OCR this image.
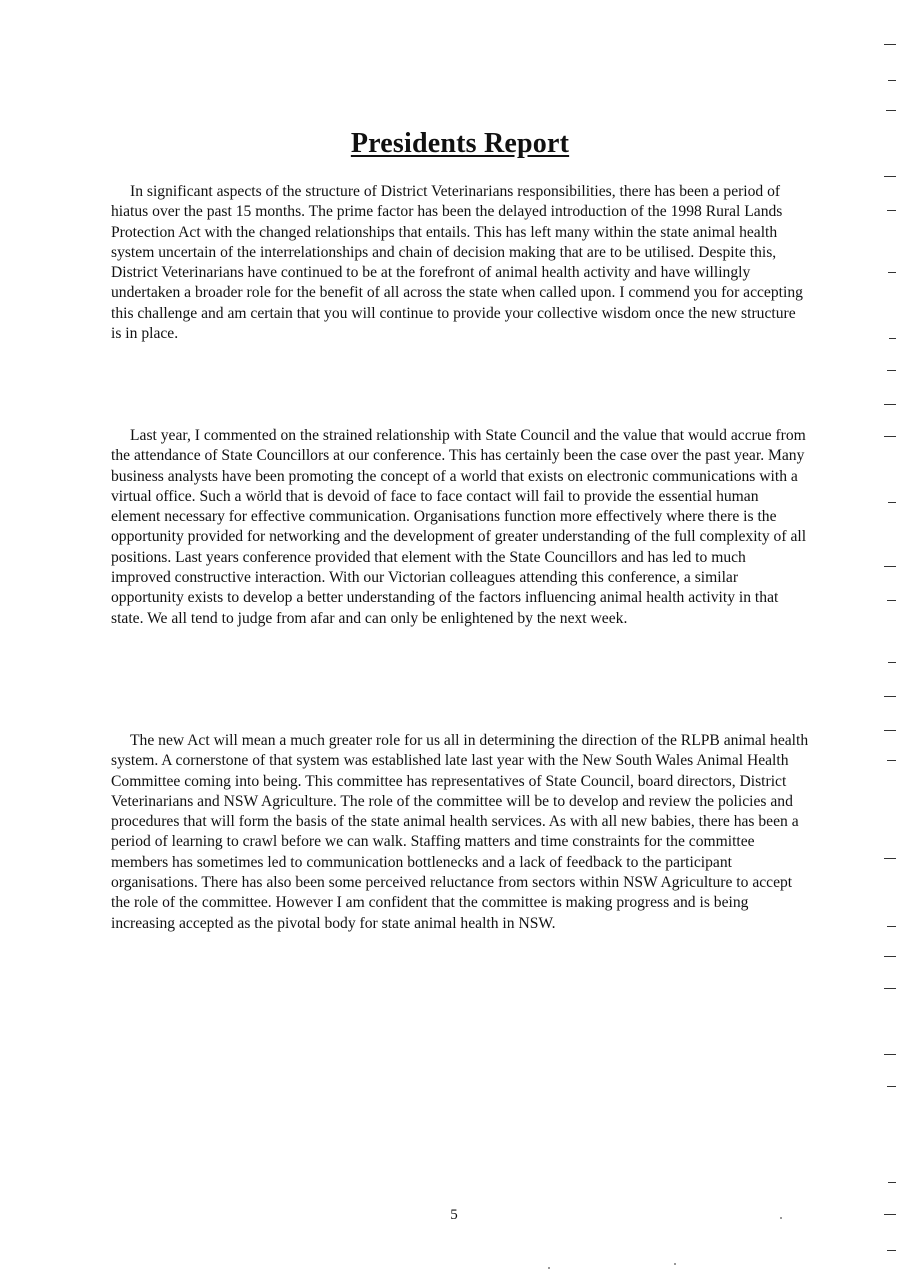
Presidents Report

In significant aspects of the structure of District Veterinarians responsibilities, there has been a period of hiatus over the past 15 months. The prime factor has been the delayed introduction of the 1998 Rural Lands Protection Act with the changed relationships that entails. This has left many within the state animal health system uncertain of the interrelationships and chain of decision making that are to be utilised. Despite this, District Veterinarians have continued to be at the forefront of animal health activity and have willingly undertaken a broader role for the benefit of all across the state when called upon. I commend you for accepting this challenge and am certain that you will continue to provide your collective wisdom once the new structure is in place.

Last year, I commented on the strained relationship with State Council and the value that would accrue from the attendance of State Councillors at our conference. This has certainly been the case over the past year. Many business analysts have been promoting the concept of a world that exists on electronic communications with a virtual office. Such a wörld that is devoid of face to face contact will fail to provide the essential human element necessary for effective communication. Organisations function more effectively where there is the opportunity provided for networking and the development of greater understanding of the full complexity of all positions. Last years conference provided that element with the State Councillors and has led to much improved constructive interaction. With our Victorian colleagues attending this conference, a similar opportunity exists to develop a better understanding of the factors influencing animal health activity in that state. We all tend to judge from afar and can only be enlightened by the next week.

The new Act will mean a much greater role for us all in determining the direction of the RLPB animal health system. A cornerstone of that system was established late last year with the New South Wales Animal Health Committee coming into being. This committee has representatives of State Council, board directors, District Veterinarians and NSW Agriculture. The role of the committee will be to develop and review the policies and procedures that will form the basis of the state animal health services. As with all new babies, there has been a period of learning to crawl before we can walk. Staffing matters and time constraints for the committee members has sometimes led to communication bottlenecks and a lack of feedback to the participant organisations. There has also been some perceived reluctance from sectors within NSW Agriculture to accept the role of the committee. However I am confident that the committee is making progress and is being increasing accepted as the pivotal body for state animal health in NSW.

5
